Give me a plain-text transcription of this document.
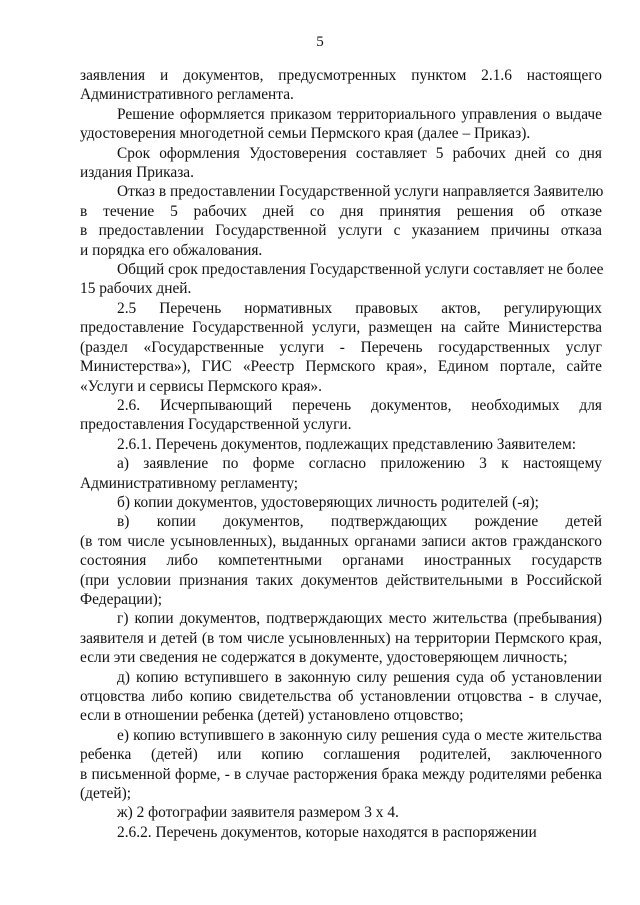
5
заявления и документов, предусмотренных пунктом 2.1.6 настоящего
Административного регламента.
Решение оформляется приказом территориального управления о выдаче
удостоверения многодетной семьи Пермского края (далее – Приказ).
Срок оформления Удостоверения составляет 5 рабочих дней со дня
издания Приказа.
Отказ в предоставлении Государственной услуги направляется Заявителю
в течение 5 рабочих дней со дня принятия решения об отказе
в предоставлении Государственной услуги с указанием причины отказа
и порядка его обжалования.
Общий срок предоставления Государственной услуги составляет не более
15 рабочих дней.
2.5 Перечень нормативных правовых актов, регулирующих
предоставление Государственной услуги, размещен на сайте Министерства
(раздел «Государственные услуги - Перечень государственных услуг
Министерства»), ГИС «Реестр Пермского края», Едином портале, сайте
«Услуги и сервисы Пермского края».
2.6. Исчерпывающий перечень документов, необходимых для
предоставления Государственной услуги.
2.6.1. Перечень документов, подлежащих представлению Заявителем:
а) заявление по форме согласно приложению 3 к настоящему
Административному регламенту;
б) копии документов, удостоверяющих личность родителей (-я);
в) копии документов, подтверждающих рождение детей
(в том числе усыновленных), выданных органами записи актов гражданского
состояния либо компетентными органами иностранных государств
(при условии признания таких документов действительными в Российской
Федерации);
г) копии документов, подтверждающих место жительства (пребывания)
заявителя и детей (в том числе усыновленных) на территории Пермского края,
если эти сведения не содержатся в документе, удостоверяющем личность;
д) копию вступившего в законную силу решения суда об установлении
отцовства либо копию свидетельства об установлении отцовства - в случае,
если в отношении ребенка (детей) установлено отцовство;
е) копию вступившего в законную силу решения суда о месте жительства
ребенка (детей) или копию соглашения родителей, заключенного
в письменной форме, - в случае расторжения брака между родителями ребенка
(детей);
ж) 2 фотографии заявителя размером 3 х 4.
2.6.2. Перечень документов, которые находятся в распоряжении
